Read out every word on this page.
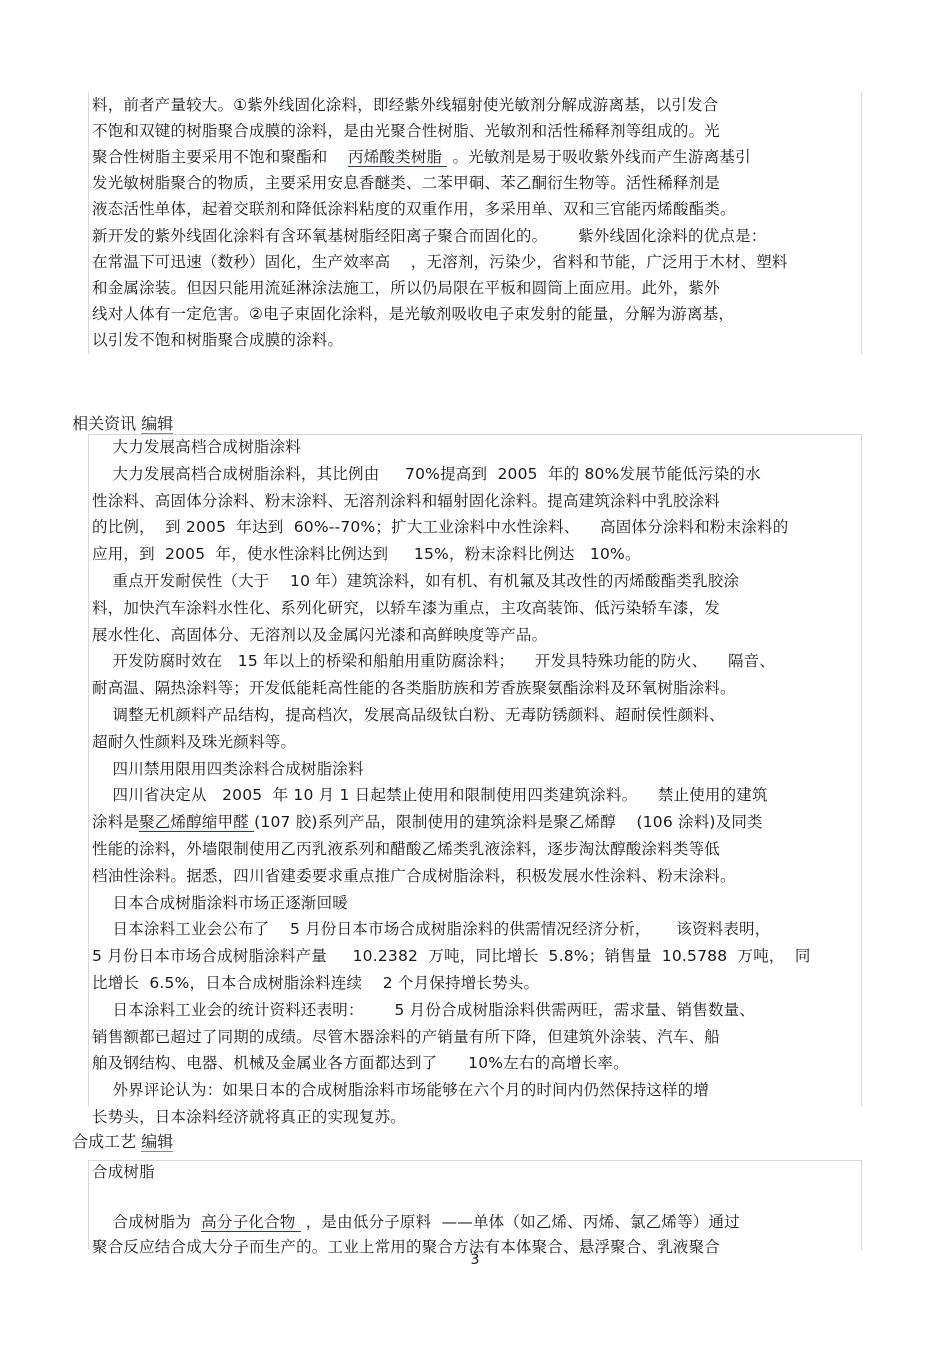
料，前者产量较大。①紫外线固化涂料，即经紫外线辐射使光敏剂分解成游离基，以引发合
不饱和双键的树脂聚合成膜的涂料，是由光聚合性树脂、光敏剂和活性稀释剂等组成的。光
聚合性树脂主要采用不饱和聚酯和    丙烯酸类树脂  。光敏剂是易于吸收紫外线而产生游离基引
发光敏树脂聚合的物质，主要采用安息香醚类、二苯甲硐、苯乙酮衍生物等。活性稀释剂是
液态活性单体，起着交联剂和降低涂料粘度的双重作用，多采用单、双和三官能丙烯酸酯类。
新开发的紫外线固化涂料有含环氧基树脂经阳离子聚合而固化的。      紫外线固化涂料的优点是：
在常温下可迅速（数秒）固化，生产效率高    ，无溶剂，污染少，省料和节能，广泛用于木材、塑料
和金属涂装。但因只能用流延淋涂法施工，所以仍局限在平板和圆筒上面应用。此外，紫外
线对人体有一定危害。②电子束固化涂料，是光敏剂吸收电子束发射的能量，分解为游离基，
以引发不饱和树脂聚合成膜的涂料。

相关资讯 编辑

大力发展高档合成树脂涂料
大力发展高档合成树脂涂料，其比例由     70%提高到  2005  年的 80%发展节能低污染的水
性涂料、高固体分涂料、粉末涂料、无溶剂涂料和辐射固化涂料。提高建筑涂料中乳胶涂料
的比例，  到 2005  年达到  60%--70%；扩大工业涂料中水性涂料、    高固体分涂料和粉末涂料的
应用，到  2005  年，使水性涂料比例达到     15%，粉末涂料比例达   10%。
重点开发耐侯性（大于    10 年）建筑涂料，如有机、有机氟及其改性的丙烯酸酯类乳胶涂
料，加快汽车涂料水性化、系列化研究，以轿车漆为重点，主攻高装饰、低污染轿车漆，发
展水性化、高固体分、无溶剂以及金属闪光漆和高鲜映度等产品。
开发防腐时效在   15 年以上的桥梁和船舶用重防腐涂料；    开发具特殊功能的防火、    隔音、
耐高温、隔热涂料等；开发低能耗高性能的各类脂肪族和芳香族聚氨酯涂料及环氧树脂涂料。
调整无机颜料产品结构，提高档次，发展高品级钛白粉、无毒防锈颜料、超耐侯性颜料、
超耐久性颜料及珠光颜料等。
四川禁用限用四类涂料合成树脂涂料
四川省决定从   2005  年 10 月 1 日起禁止使用和限制使用四类建筑涂料。    禁止使用的建筑
涂料是聚乙烯醇缩甲醛 (107 胶)系列产品，限制使用的建筑涂料是聚乙烯醇    (106 涂料)及同类
性能的涂料，外墙限制使用乙丙乳液系列和醋酸乙烯类乳液涂料，逐步淘汰醇酸涂料类等低
档油性涂料。据悉，四川省建委要求重点推广合成树脂涂料，积极发展水性涂料、粉末涂料。
日本合成树脂涂料市场正逐渐回暖
日本涂料工业会公布了    5 月份日本市场合成树脂涂料的供需情况经济分析，     该资料表明，
5 月份日本市场合成树脂涂料产量     10.2382  万吨，同比增长  5.8%；销售量  10.5788  万吨，  同
比增长  6.5%，日本合成树脂涂料连续    2 个月保持增长势头。
日本涂料工业会的统计资料还表明：      5 月份合成树脂涂料供需两旺，需求量、销售数量、
销售额都已超过了同期的成绩。尽管木器涂料的产销量有所下降，但建筑外涂装、汽车、船
舶及钢结构、电器、机械及金属业各方面都达到了      10%左右的高增长率。
外界评论认为：如果日本的合成树脂涂料市场能够在六个月的时间内仍然保持这样的增
长势头，日本涂料经济就将真正的实现复苏。

合成工艺 编辑

合成树脂
合成树脂为  高分子化合物  ，是由低分子原料  ——单体（如乙烯、丙烯、氯乙烯等）通过
聚合反应结合成大分子而生产的。工业上常用的聚合方法有本体聚合、悬浮聚合、乳液聚合
3
